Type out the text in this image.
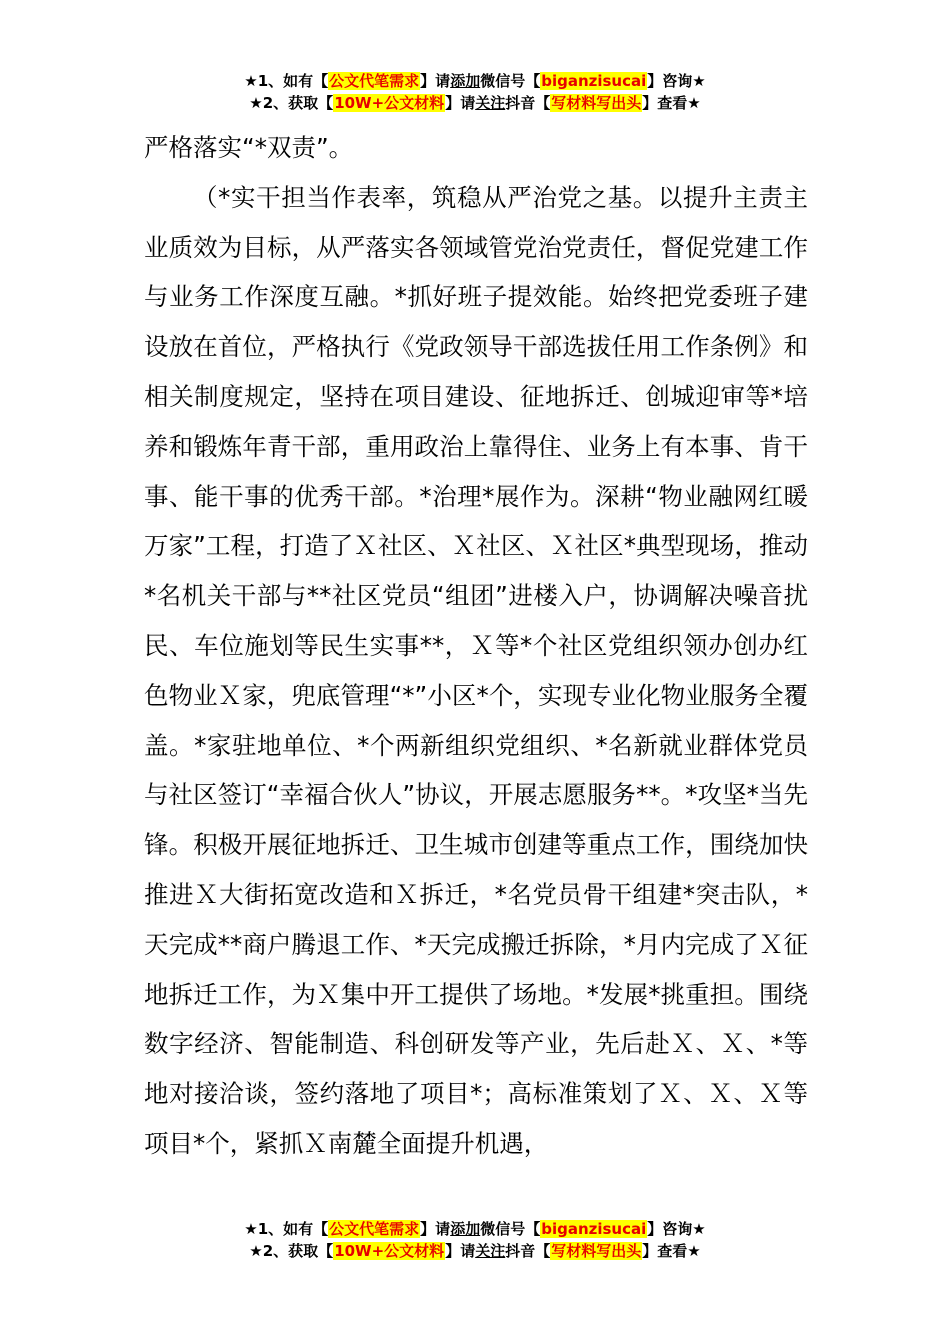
★1、如有【公文代笔需求】请添加微信号【biganzisucai】咨询★
★2、获取【10W+公文材料】请关注抖音【写材料写出头】查看★

严格落实“*双责”。

（*实干担当作表率，筑稳从严治党之基。以提升主责主业质效为目标，从严落实各领域管党治党责任，督促党建工作与业务工作深度互融。*抓好班子提效能。始终把党委班子建设放在首位，严格执行《党政领导干部选拔任用工作条例》和相关制度规定，坚持在项目建设、征地拆迁、创城迎审等*培养和锻炼年青干部，重用政治上靠得住、业务上有本事、肯干事、能干事的优秀干部。*治理*展作为。深耕“物业融网红暖万家”工程，打造了Ｘ社区、Ｘ社区、Ｘ社区*典型现场，推动*名机关干部与**社区党员“组团”进楼入户，协调解决噪音扰民、车位施划等民生实事**，Ｘ等*个社区党组织领办创办红色物业Ｘ家，兜底管理“*”小区*个，实现专业化物业服务全覆盖。*家驻地单位、*个两新组织党组织、*名新就业群体党员与社区签订“幸福合伙人”协议，开展志愿服务**。*攻坚*当先锋。积极开展征地拆迁、卫生城市创建等重点工作，围绕加快推进Ｘ大街拓宽改造和Ｘ拆迁，*名党员骨干组建*突击队，*天完成**商户腾退工作、*天完成搬迁拆除，*月内完成了Ｘ征地拆迁工作，为Ｘ集中开工提供了场地。*发展*挑重担。围绕数字经济、智能制造、科创研发等产业，先后赴Ｘ、Ｘ、*等地对接洽谈，签约落地了项目*；高标准策划了Ｘ、Ｘ、Ｘ等项目*个，紧抓Ｘ南麓全面提升机遇，

★1、如有【公文代笔需求】请添加微信号【biganzisucai】咨询★
★2、获取【10W+公文材料】请关注抖音【写材料写出头】查看★
